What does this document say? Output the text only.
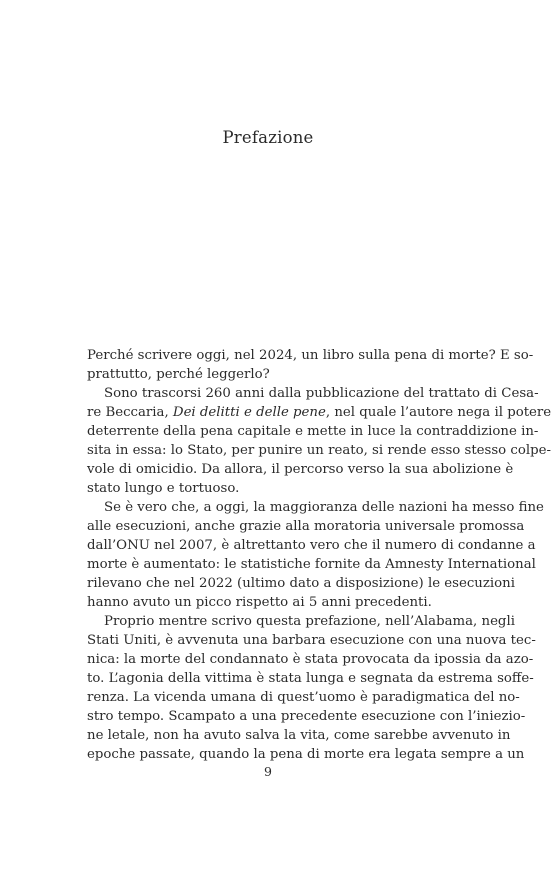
Prefazione
Perché scrivere oggi, nel 2024, un libro sulla pena di morte? E so-
prattutto, perché leggerlo?
Sono trascorsi 260 anni dalla pubblicazione del trattato di Cesa-
re Beccaria, Dei delitti e delle pene, nel quale l’autore nega il potere
deterrente della pena capitale e mette in luce la contraddizione in-
sita in essa: lo Stato, per punire un reato, si rende esso stesso colpe-
vole di omicidio. Da allora, il percorso verso la sua abolizione è
stato lungo e tortuoso.
Se è vero che, a oggi, la maggioranza delle nazioni ha messo fine
alle esecuzioni, anche grazie alla moratoria universale promossa
dall’ONU nel 2007, è altrettanto vero che il numero di condanne a
morte è aumentato: le statistiche fornite da Amnesty International
rilevano che nel 2022 (ultimo dato a disposizione) le esecuzioni
hanno avuto un picco rispetto ai 5 anni precedenti.
Proprio mentre scrivo questa prefazione, nell’Alabama, negli
Stati Uniti, è avvenuta una barbara esecuzione con una nuova tec-
nica: la morte del condannato è stata provocata da ipossia da azo-
to. L’agonia della vittima è stata lunga e segnata da estrema soffe-
renza. La vicenda umana di quest’uomo è paradigmatica del no-
stro tempo. Scampato a una precedente esecuzione con l’iniezio-
ne letale, non ha avuto salva la vita, come sarebbe avvenuto in
epoche passate, quando la pena di morte era legata sempre a un
9
